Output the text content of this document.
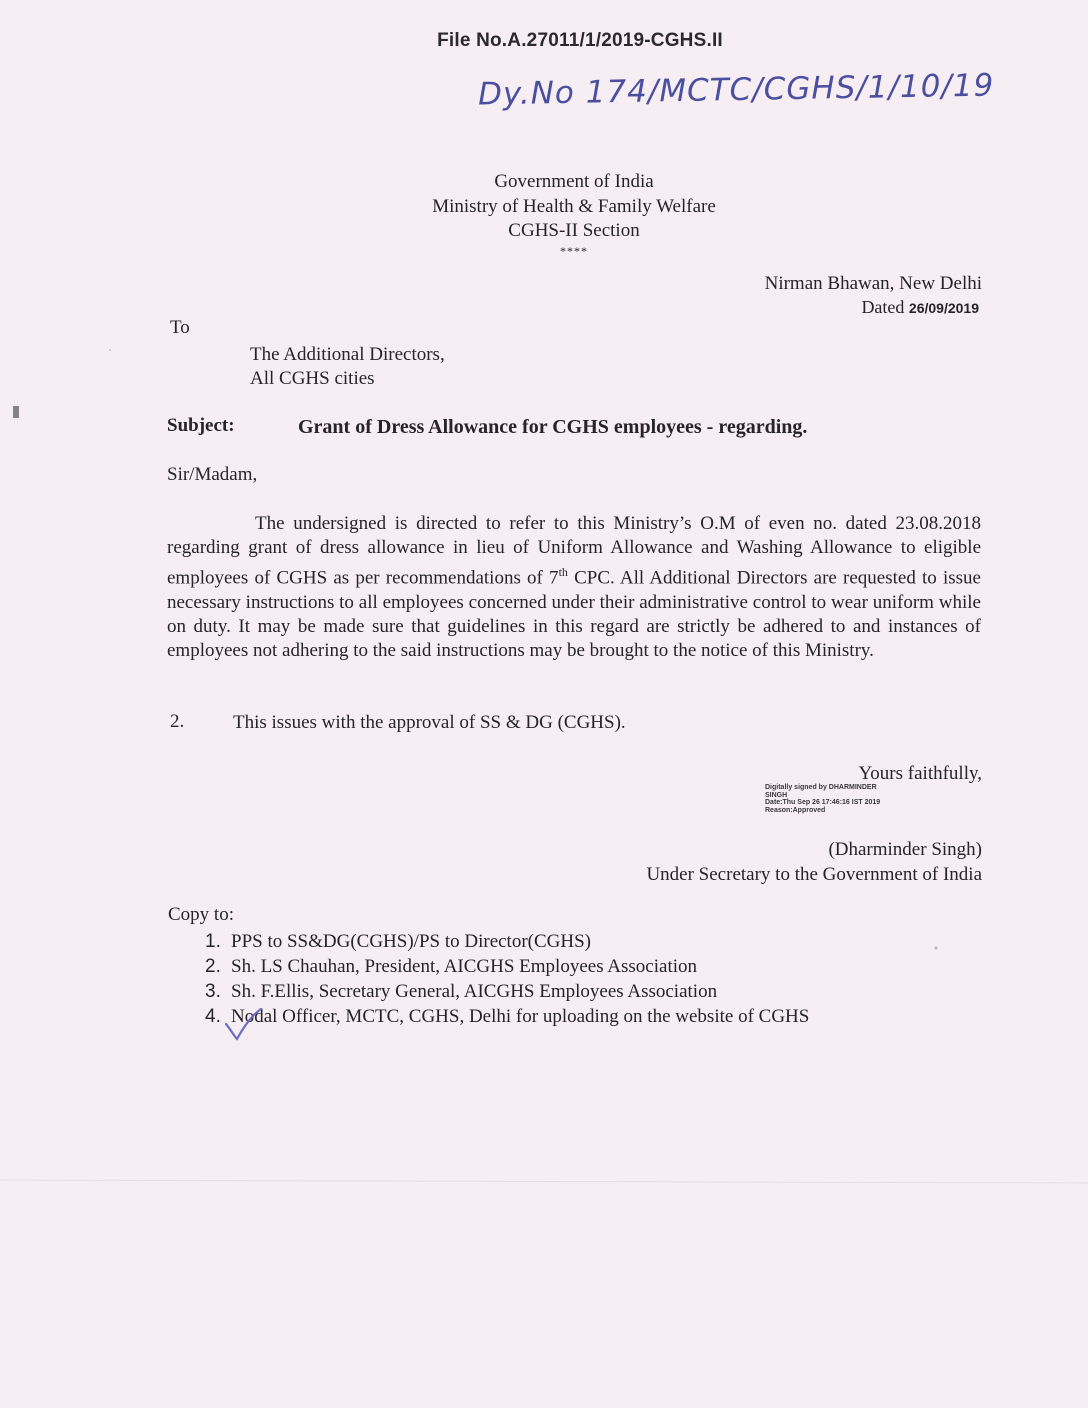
File No.A.27011/1/2019-CGHS.II
Dy.No 174/MCTC/CGHS/1/10/19
Government of India
Ministry of Health & Family Welfare
CGHS-II Section
****
Nirman Bhawan, New Delhi
Dated 26/09/2019
To
The Additional Directors,
All CGHS cities
Subject:	Grant of Dress Allowance for CGHS employees - regarding.
Sir/Madam,
The undersigned is directed to refer to this Ministry’s O.M of even no. dated 23.08.2018 regarding grant of dress allowance in lieu of Uniform Allowance and Washing Allowance to eligible employees of CGHS as per recommendations of 7th CPC. All Additional Directors are requested to issue necessary instructions to all employees concerned under their administrative control to wear uniform while on duty. It may be made sure that guidelines in this regard are strictly be adhered to and instances of employees not adhering to the said instructions may be brought to the notice of this Ministry.
2.	This issues with the approval of SS & DG (CGHS).
Yours faithfully,
Digitally signed by DHARMINDER
SINGH
Date:Thu Sep 26 17:46:16 IST 2019
Reason:Approved
(Dharminder Singh)
Under Secretary to the Government of India
Copy to:
1. PPS to SS&DG(CGHS)/PS to Director(CGHS)
2. Sh. LS Chauhan, President, AICGHS Employees Association
3. Sh. F.Ellis, Secretary General, AICGHS Employees Association
4. Nodal Officer, MCTC, CGHS, Delhi for uploading on the website of CGHS
